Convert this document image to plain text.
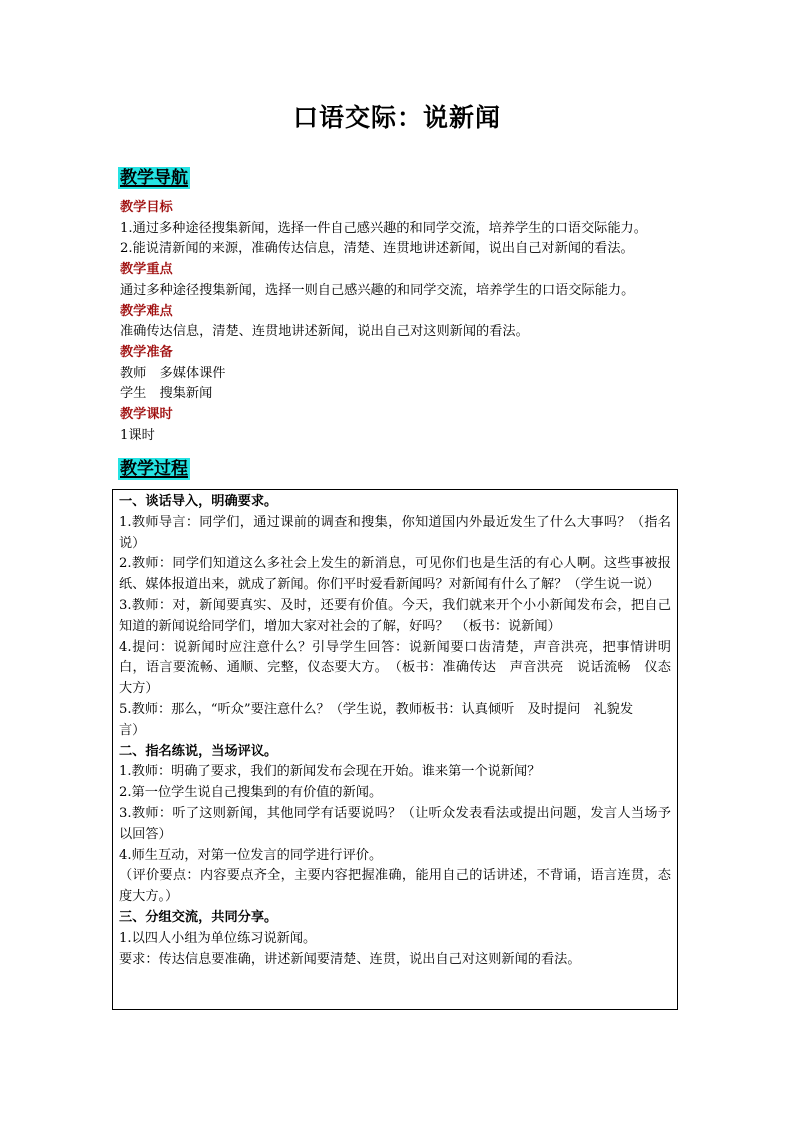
口语交际：说新闻
教学导航
教学目标
1.通过多种途径搜集新闻，选择一件自己感兴趣的和同学交流，培养学生的口语交际能力。
2.能说清新闻的来源，准确传达信息，清楚、连贯地讲述新闻，说出自己对新闻的看法。
教学重点
通过多种途径搜集新闻，选择一则自己感兴趣的和同学交流，培养学生的口语交际能力。
教学难点
准确传达信息，清楚、连贯地讲述新闻，说出自己对这则新闻的看法。
教学准备
教师　多媒体课件
学生　搜集新闻
教学课时
1课时
教学过程

一、谈话导入，明确要求。

1.教师导言：同学们，通过课前的调查和搜集，你知道国内外最近发生了什么大事吗？（指名说）

2.教师：同学们知道这么多社会上发生的新消息，可见你们也是生活的有心人啊。这些事被报纸、媒体报道出来，就成了新闻。你们平时爱看新闻吗？对新闻有什么了解？（学生说一说）

3.教师：对，新闻要真实、及时，还要有价值。今天，我们就来开个小小新闻发布会，把自己知道的新闻说给同学们，增加大家对社会的了解，好吗？　（板书：说新闻）

4.提问：说新闻时应注意什么？引导学生回答：说新闻要口齿清楚，声音洪亮，把事情讲明白，语言要流畅、通顺、完整，仪态要大方。　（板书：准确传达　声音洪亮　说话流畅　仪态大方）

5.教师：那么，“听众”要注意什么？（学生说，教师板书：认真倾听　及时提问　礼貌发

言）

二、指名练说，当场评议。

1.教师：明确了要求，我们的新闻发布会现在开始。谁来第一个说新闻？

2.第一位学生说自己搜集到的有价值的新闻。

3.教师：听了这则新闻，其他同学有话要说吗？（让听众发表看法或提出问题，发言人当场予以回答）

4.师生互动，对第一位发言的同学进行评价。

（评价要点：内容要点齐全，主要内容把握准确，能用自己的话讲述，不背诵，语言连贯，态度大方。）

三、分组交流，共同分享。

1.以四人小组为单位练习说新闻。

要求：传达信息要准确，讲述新闻要清楚、连贯，说出自己对这则新闻的看法。
